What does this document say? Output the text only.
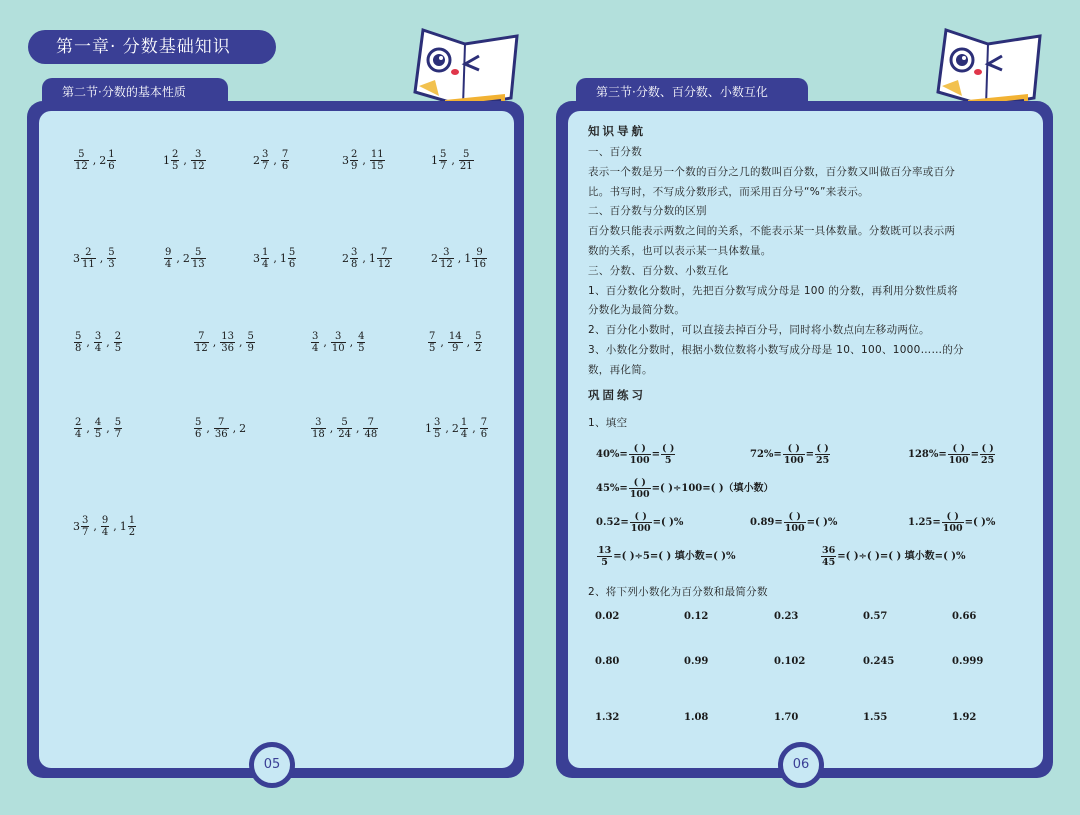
第一章· 分数基础知识
第二节·分数的基本性质	第三节·分数、百分数、小数互化
$\frac{5}{12}$ , $2 \frac{1}{6}$	$1 \frac{2}{5}$ , $\frac{3}{12}$	$2 \frac{3}{7}$ , $\frac{7}{6}$	$3 \frac{2}{9}$ , $\frac{11}{15}$	$1 \frac{5}{7}$ , $\frac{5}{21}$
$3 \frac{2}{11}$ , $\frac{5}{3}$	$\frac{9}{4}$ , $2 \frac{5}{13}$	$3 \frac{1}{4}$ , $1 \frac{5}{6}$	$2 \frac{3}{8}$ , $1 \frac{7}{12}$	$2 \frac{3}{12}$ , $1 \frac{9}{16}$
$\frac{5}{8}$ , $\frac{3}{4}$ , $\frac{2}{5}$	$\frac{7}{12}$ , $\frac{13}{36}$ , $\frac{5}{9}$	$\frac{3}{4}$ , $\frac{3}{10}$ , $\frac{4}{5}$	$\frac{7}{5}$ , $\frac{14}{9}$ , $\frac{5}{2}$
$\frac{2}{4}$ , $\frac{4}{5}$ , $\frac{5}{7}$	$\frac{5}{6}$ , $\frac{7}{36}$ , 2	$\frac{3}{18}$ , $\frac{5}{24}$ , $\frac{7}{48}$	$1 \frac{3}{5}$ , $2 \frac{1}{4}$ , $\frac{7}{6}$
$3 \frac{3}{7}$ , $\frac{9}{4}$ , $1 \frac{1}{2}$
知识导航
一、百分数
表示一个数是另一个数的百分之几的数叫百分数，百分数又叫做百分率或百分
比。书写时，不写成分数形式，而采用百分号“%”来表示。
二、百分数与分数的区别
百分数只能表示两数之间的关系，不能表示某一具体数量。分数既可以表示两
数的关系，也可以表示某一具体数量。
三、分数、百分数、小数互化
1、百分数化分数时，先把百分数写成分母是 100 的分数，再利用分数性质将
分数化为最简分数。
2、百分化小数时，可以直接去掉百分号，同时将小数点向左移动两位。
3、小数化分数时，根据小数位数将小数写成分母是 10、100、1000……的分
数，再化简。
巩固练习
1、填空
$40\%= \frac{( )}{100} = \frac{( )}{5}$	$72\%= \frac{( )}{100} = \frac{( )}{25}$	$128\%= \frac{( )}{100} = \frac{( )}{25}$
$45\%= \frac{( )}{100}$ =( )÷100=( )（填小数）
$0.52= \frac{( )}{100}$ =( )%	$0.89= \frac{( )}{100}$ =( )%	$1.25= \frac{( )}{100}$ =( )%
$\frac{13}{5}$ =( )÷5=( ) 填小数=( )%	$\frac{36}{45}$ =( )÷( )=( ) 填小数=( )%
2、将下列小数化为百分数和最简分数
0.02	0.12	0.23	0.57	0.66
0.80	0.99	0.102	0.245	0.999
1.32	1.08	1.70	1.55	1.92
05	06
